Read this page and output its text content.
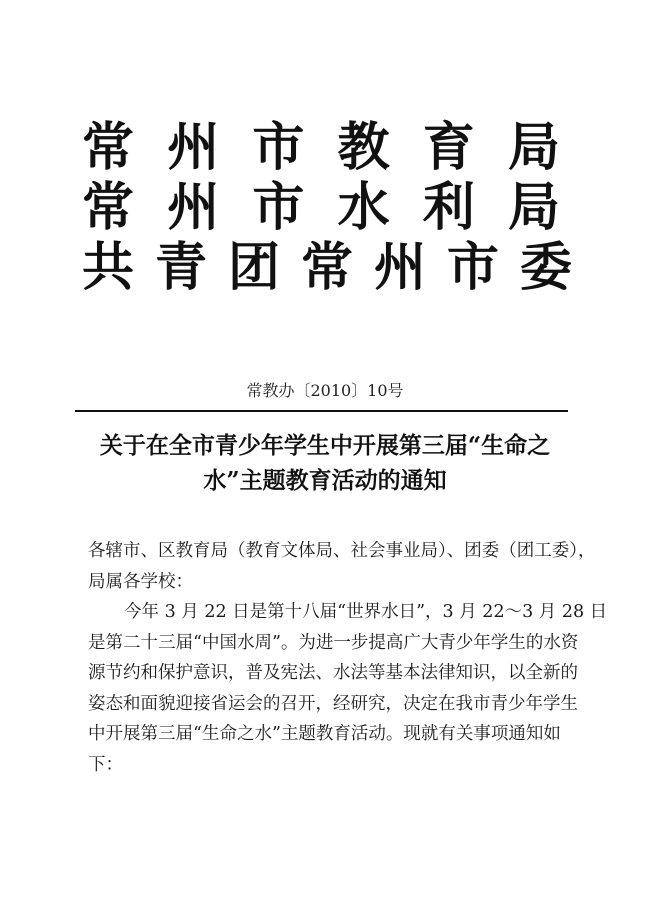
常 州 市 教 育 局
常 州 市 水 利 局
共 青 团 常 州 市 委
常教办〔2010〕10号
关于在全市青少年学生中开展第三届“生命之
水”主题教育活动的通知

各辖市、区教育局（教育文体局、社会事业局）、团委（团工委），
局属各学校：

今年 3 月 22 日是第十八届“世界水日”，3 月 22～3 月 28 日
是第二十三届“中国水周”。为进一步提高广大青少年学生的水资
源节约和保护意识，普及宪法、水法等基本法律知识，以全新的
姿态和面貌迎接省运会的召开，经研究，决定在我市青少年学生
中开展第三届“生命之水”主题教育活动。现就有关事项通知如
下：
